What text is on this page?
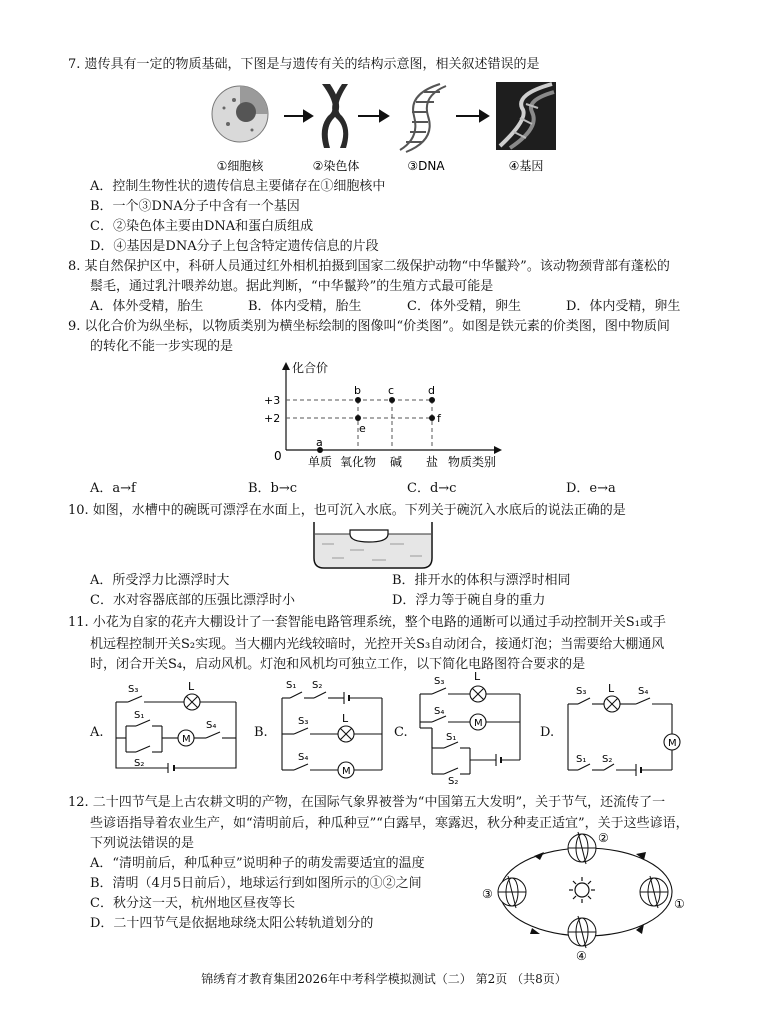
7. 遗传具有一定的物质基础，下图是与遗传有关的结构示意图，相关叙述错误的是
①细胞核	②染色体	③DNA	④基因
A．控制生物性状的遗传信息主要储存在①细胞核中
B．一个③DNA分子中含有一个基因
C．②染色体主要由DNA和蛋白质组成
D．④基因是DNA分子上包含特定遗传信息的片段
8. 某自然保护区中，科研人员通过红外相机拍摄到国家二级保护动物“中华鬣羚”。该动物颈背部有蓬松的
鬃毛，通过乳汁喂养幼崽。据此判断，“中华鬣羚”的生殖方式最可能是
A．体外受精，胎生	B．体内受精，胎生	C．体外受精，卵生	D．体内受精，卵生
9. 以化合价为纵坐标，以物质类别为横坐标绘制的图像叫“价类图”。如图是铁元素的价类图，图中物质间
的转化不能一步实现的是
化合价
0
+3
+2
a
b c	d
e
f
单质 氧化物 碱 盐 物质类别
A．a→f	B．b→c	C．d→c	D．e→a
10. 如图，水槽中的碗既可漂浮在水面上，也可沉入水底。下列关于碗沉入水底后的说法正确的是
A．所受浮力比漂浮时大	B．排开水的体积与漂浮时相同
C．水对容器底部的压强比漂浮时小	D．浮力等于碗自身的重力
11. 小花为自家的花卉大棚设计了一套智能电路管理系统，整个电路的通断可以通过手动控制开关S₁或手
机远程控制开关S₂实现。当大棚内光线较暗时，光控开关S₃自动闭合，接通灯泡；当需要给大棚通风
时，闭合开关S₄，启动风机。灯泡和风机均可独立工作，以下简化电路图符合要求的是
A.
S₃	L
S₁
S₂
M
S₄	B.
S₁ S₂
S₃	L
S₄
M
C.
S₃	L
S₄
M
S₁
S₂
D.
S₃ L S₄
M
S₁ S₂
12. 二十四节气是上古农耕文明的产物，在国际气象界被誉为“中国第五大发明”，关于节气，还流传了一
些谚语指导着农业生产，如“清明前后，种瓜种豆”“白露早，寒露迟，秋分种麦正适宜”，关于这些谚语，
下列说法错误的是
A．“清明前后，种瓜种豆”说明种子的萌发需要适宜的温度
B．清明（4月5日前后），地球运行到如图所示的①②之间
C．秋分这一天，杭州地区昼夜等长
D．二十四节气是依据地球绕太阳公转轨道划分的
①
②
③
④
锦绣育才教育集团2026年中考科学模拟测试（二） 第2页 （共8页）
